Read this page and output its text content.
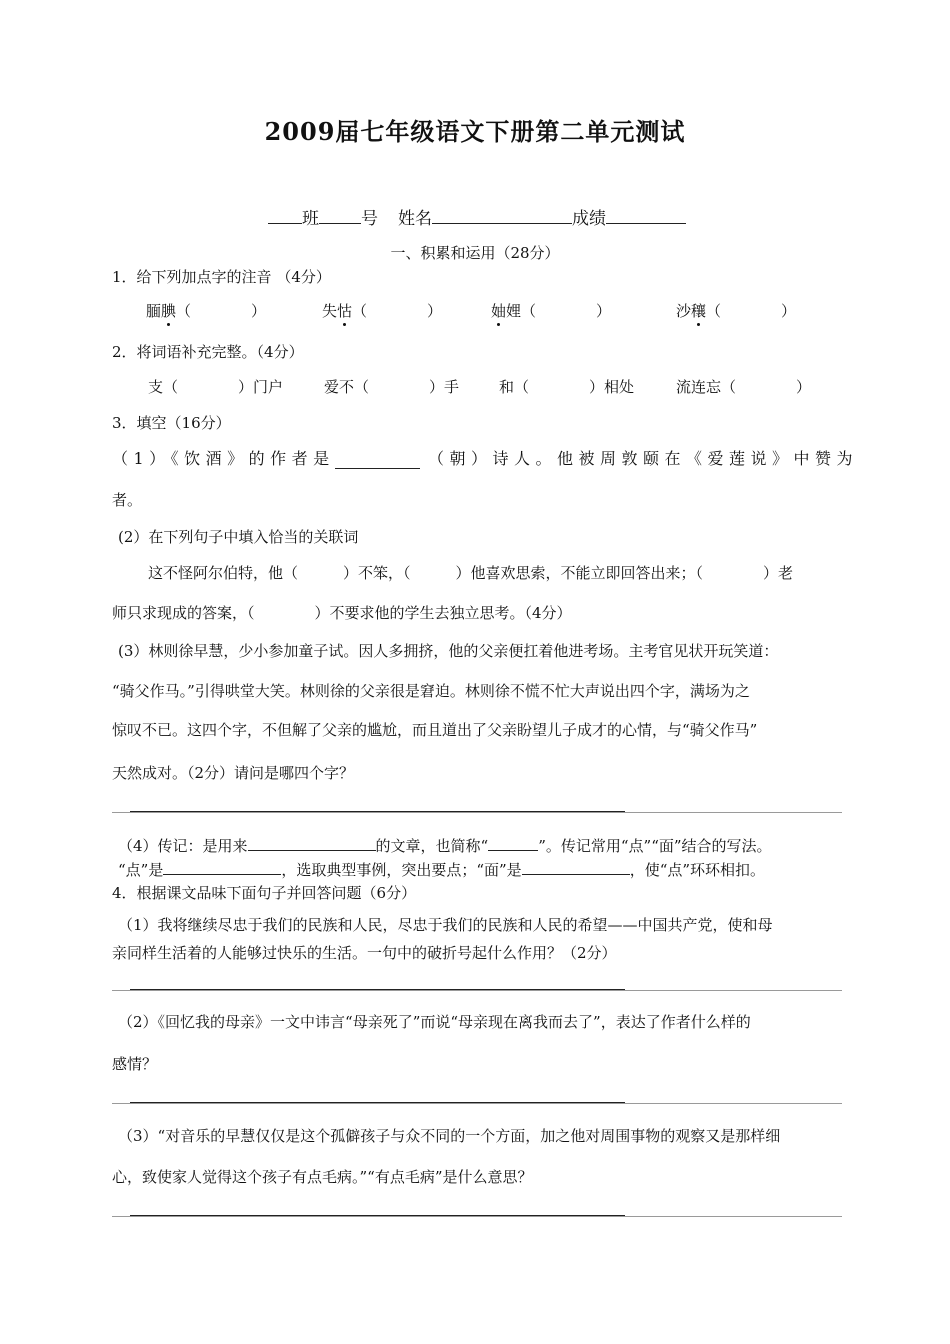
2009届七年级语文下册第二单元测试
班 号 姓名	成绩
一、积累和运用（28分）
1．给下列加点字的注音 （4分）
腼腆（　　　　）	失怙（　　　　）	妯娌（　　　　）	沙穰（　　　　）
2．将词语补充完整。（4分）
支（　　　　）门户	爱不（　　　　）手	和（　　　　）相处	流连忘（　　　　）
3．填空（16分）
（1）《饮酒》的作者是	（朝）诗人。他被周敦颐在《爱莲说》中赞为
者。
(2）在下列句子中填入恰当的关联词
这不怪阿尔伯特，他（　　　）不笨，（　　　）他喜欢思索，不能立即回答出来；（　　　　）老
师只求现成的答案，（　　　　）不要求他的学生去独立思考。（4分）
(3）林则徐早慧，少小参加童子试。因人多拥挤，他的父亲便扛着他进考场。主考官见状开玩笑道：
“骑父作马。”引得哄堂大笑。林则徐的父亲很是窘迫。林则徐不慌不忙大声说出四个字，满场为之
惊叹不已。这四个字，不但解了父亲的尴尬，而且道出了父亲盼望儿子成才的心情，与“骑父作马”
天然成对。（2分）请问是哪四个字？
（4）传记：是用来	的文章，也简称“	”。传记常用“点”“面”结合的写法。
“点”是	，选取典型事例，突出要点；“面”是	，使“点”环环相扣。
4．根据课文品味下面句子并回答问题（6分）
（1）我将继续尽忠于我们的民族和人民，尽忠于我们的民族和人民的希望——中国共产党，使和母
亲同样生活着的人能够过快乐的生活。一句中的破折号起什么作用？（2分）
（2）《回忆我的母亲》一文中讳言“母亲死了”而说“母亲现在离我而去了”，表达了作者什么样的
感情？
（3）“对音乐的早慧仅仅是这个孤僻孩子与众不同的一个方面，加之他对周围事物的观察又是那样细
心，致使家人觉得这个孩子有点毛病。”“有点毛病”是什么意思？
